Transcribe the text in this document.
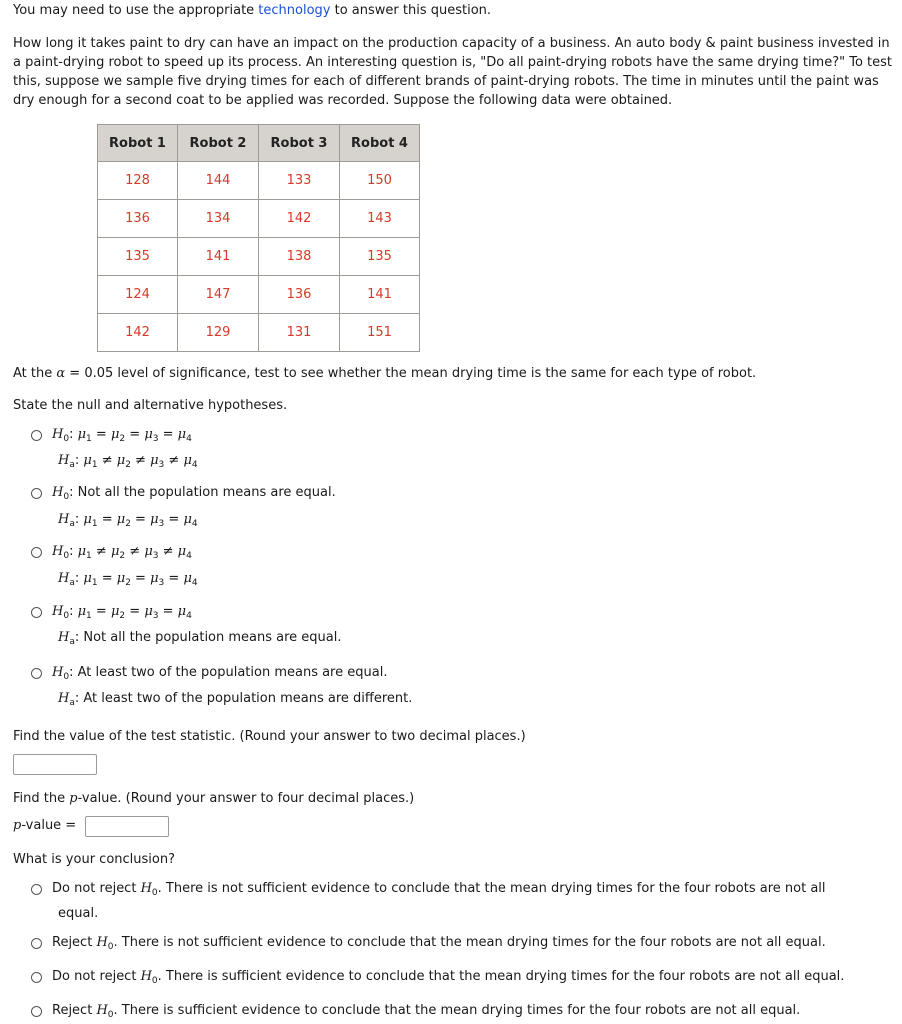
You may need to use the appropriate technology to answer this question.

How long it takes paint to dry can have an impact on the production capacity of a business. An auto body & paint business invested in a paint-drying robot to speed up its process. An interesting question is, "Do all paint-drying robots have the same drying time?" To test this, suppose we sample five drying times for each of different brands of paint-drying robots. The time in minutes until the paint was dry enough for a second coat to be applied was recorded. Suppose the following data were obtained.

Robot 1	Robot 2	Robot 3	Robot 4
128	144	133	150
136	134	142	143
135	141	138	135
124	147	136	141
142	129	131	151
At the α = 0.05 level of significance, test to see whether the mean drying time is the same for each type of robot.
State the null and alternative hypotheses.
$H_0$: $\mu_1 = \mu_2 = \mu_3 = \mu_4$
$H_a$: $\mu_1 \ne \mu_2 \ne \mu_3 \ne \mu_4$
$H_0$: Not all the population means are equal.
$H_a$: $\mu_1 = \mu_2 = \mu_3 = \mu_4$
$H_0$: $\mu_1 \ne \mu_2 \ne \mu_3 \ne \mu_4$
$H_a$: $\mu_1 = \mu_2 = \mu_3 = \mu_4$
$H_0$: $\mu_1 = \mu_2 = \mu_3 = \mu_4$
$H_a$: Not all the population means are equal.
$H_0$: At least two of the population means are equal.
$H_a$: At least two of the population means are different.
Find the value of the test statistic. (Round your answer to two decimal places.)
Find the p-value. (Round your answer to four decimal places.)
p-value =
What is your conclusion?
Do not reject $H_0$. There is not sufficient evidence to conclude that the mean drying times for the four robots are not all
equal.
Reject $H_0$. There is not sufficient evidence to conclude that the mean drying times for the four robots are not all equal.
Do not reject $H_0$. There is sufficient evidence to conclude that the mean drying times for the four robots are not all equal.
Reject $H_0$. There is sufficient evidence to conclude that the mean drying times for the four robots are not all equal.
